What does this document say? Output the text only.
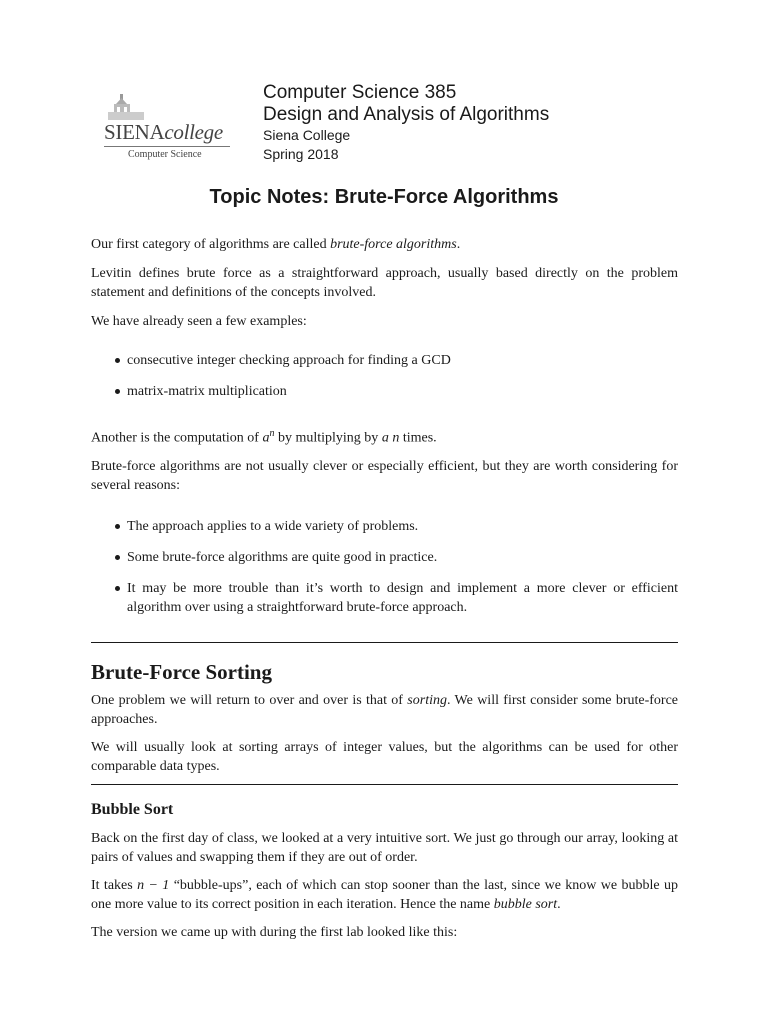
SIENAcollege
Computer Science
Computer Science 385
Design and Analysis of Algorithms
Siena College
Spring 2018
Topic Notes: Brute-Force Algorithms

Our first category of algorithms are called brute-force algorithms.

Levitin defines brute force as a straightforward approach, usually based directly on the problem statement and definitions of the concepts involved.

We have already seen a few examples:

consecutive integer checking approach for finding a GCD
matrix-matrix multiplication

Another is the computation of $a^n$ by multiplying by a n times.

Brute-force algorithms are not usually clever or especially efficient, but they are worth considering for several reasons:

The approach applies to a wide variety of problems.
Some brute-force algorithms are quite good in practice.
It may be more trouble than it’s worth to design and implement a more clever or efficient algorithm over using a straightforward brute-force approach.
Brute-Force Sorting

One problem we will return to over and over is that of sorting. We will first consider some brute-force approaches.

We will usually look at sorting arrays of integer values, but the algorithms can be used for other comparable data types.

Bubble Sort

Back on the first day of class, we looked at a very intuitive sort. We just go through our array, looking at pairs of values and swapping them if they are out of order.

It takes n − 1 “bubble-ups”, each of which can stop sooner than the last, since we know we bubble up one more value to its correct position in each iteration. Hence the name bubble sort.

The version we came up with during the first lab looked like this:
